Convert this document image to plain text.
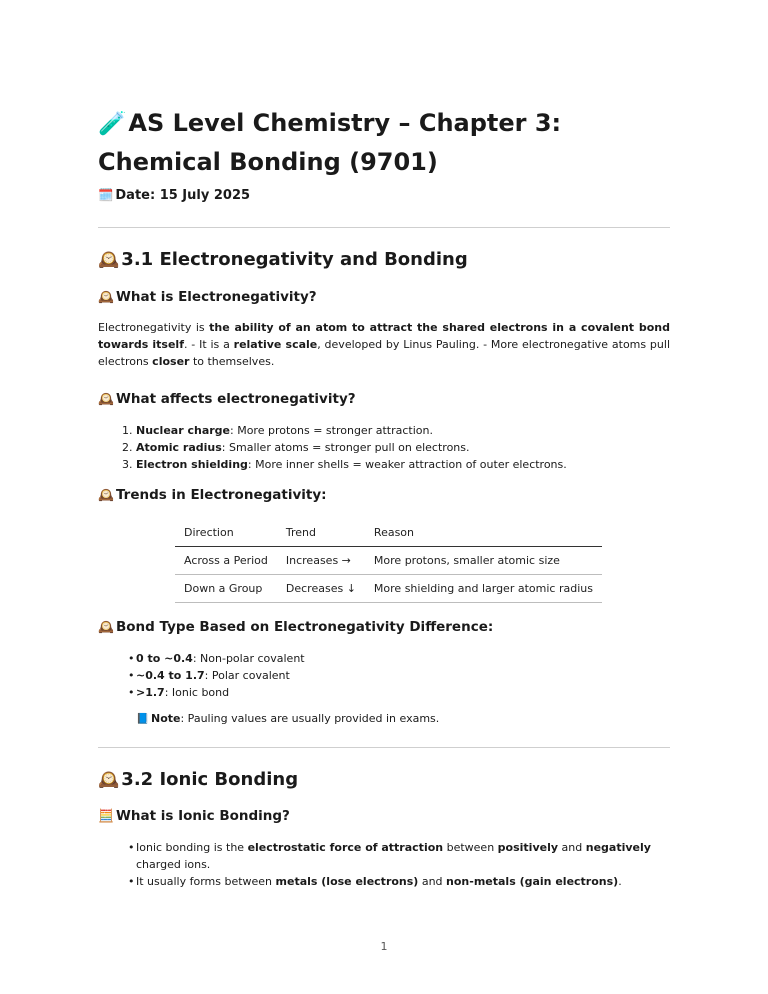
🧪AS Level Chemistry – Chapter 3: Chemical Bonding (9701)
🗓️ Date: 15 July 2025
🕰️ 3.1 Electronegativity and Bonding
🕰️ What is Electronegativity?
Electronegativity is the ability of an atom to attract the shared electrons in a covalent bond towards itself. - It is a relative scale, developed by Linus Pauling. - More electronegative atoms pull electrons closer to themselves.
🕰️ What affects electronegativity?
1. Nuclear charge: More protons = stronger attraction.
2. Atomic radius: Smaller atoms = stronger pull on electrons.
3. Electron shielding: More inner shells = weaker attraction of outer electrons.
🕰️ Trends in Electronegativity:
Direction	Trend	Reason
Across a Period	Increases →	More protons, smaller atomic size
Down a Group	Decreases ↓	More shielding and larger atomic radius
🕰️ Bond Type Based on Electronegativity Difference:
• 0 to ~0.4: Non-polar covalent
• ~0.4 to 1.7: Polar covalent
• >1.7: Ionic bond
📘 Note: Pauling values are usually provided in exams.
🕰️ 3.2 Ionic Bonding
🧮 What is Ionic Bonding?
• Ionic bonding is the electrostatic force of attraction between positively and negatively charged ions.
• It usually forms between metals (lose electrons) and non-metals (gain electrons).
1
